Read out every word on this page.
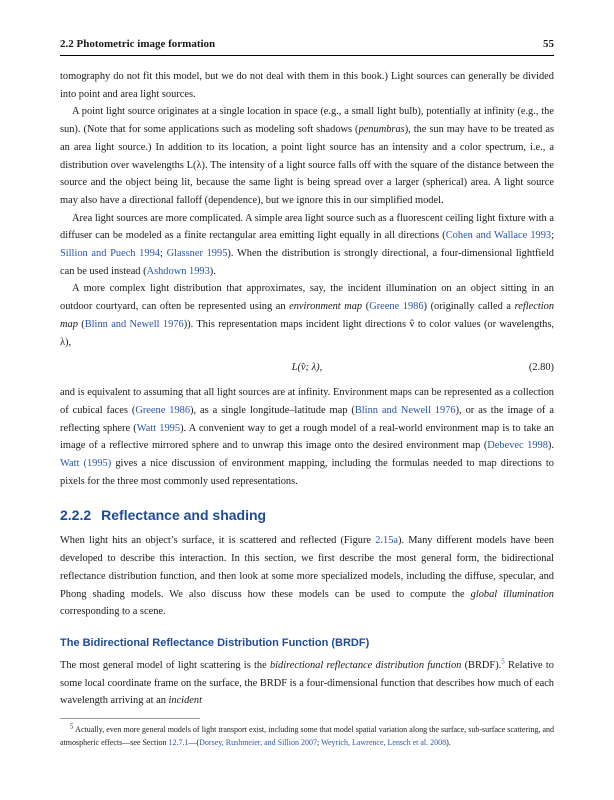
2.2 Photometric image formation	55

tomography do not fit this model, but we do not deal with them in this book.) Light sources can generally be divided into point and area light sources.

A point light source originates at a single location in space (e.g., a small light bulb), potentially at infinity (e.g., the sun). (Note that for some applications such as modeling soft shadows (penumbras), the sun may have to be treated as an area light source.) In addition to its location, a point light source has an intensity and a color spectrum, i.e., a distribution over wavelengths L(λ). The intensity of a light source falls off with the square of the distance between the source and the object being lit, because the same light is being spread over a larger (spherical) area. A light source may also have a directional falloff (dependence), but we ignore this in our simplified model.

Area light sources are more complicated. A simple area light source such as a fluorescent ceiling light fixture with a diffuser can be modeled as a finite rectangular area emitting light equally in all directions (Cohen and Wallace 1993; Sillion and Puech 1994; Glassner 1995). When the distribution is strongly directional, a four-dimensional lightfield can be used instead (Ashdown 1993).

A more complex light distribution that approximates, say, the incident illumination on an object sitting in an outdoor courtyard, can often be represented using an environment map (Greene 1986) (originally called a reflection map (Blinn and Newell 1976)). This representation maps incident light directions v̂ to color values (or wavelengths, λ),

L(v̂; λ),	(2.80)

and is equivalent to assuming that all light sources are at infinity. Environment maps can be represented as a collection of cubical faces (Greene 1986), as a single longitude–latitude map (Blinn and Newell 1976), or as the image of a reflecting sphere (Watt 1995). A convenient way to get a rough model of a real-world environment map is to take an image of a reflective mirrored sphere and to unwrap this image onto the desired environment map (Debevec 1998). Watt (1995) gives a nice discussion of environment mapping, including the formulas needed to map directions to pixels for the three most commonly used representations.

2.2.2 Reflectance and shading

When light hits an object’s surface, it is scattered and reflected (Figure 2.15a). Many different models have been developed to describe this interaction. In this section, we first describe the most general form, the bidirectional reflectance distribution function, and then look at some more specialized models, including the diffuse, specular, and Phong shading models. We also discuss how these models can be used to compute the global illumination corresponding to a scene.

The Bidirectional Reflectance Distribution Function (BRDF)

The most general model of light scattering is the bidirectional reflectance distribution function (BRDF).$^5$ Relative to some local coordinate frame on the surface, the BRDF is a four-dimensional function that describes how much of each wavelength arriving at an incident

$^5$ Actually, even more general models of light transport exist, including some that model spatial variation along the surface, sub-surface scattering, and atmospheric effects—see Section 12.7.1—(Dorsey, Rushmeier, and Sillion 2007; Weyrich, Lawrence, Lensch et al. 2008).
